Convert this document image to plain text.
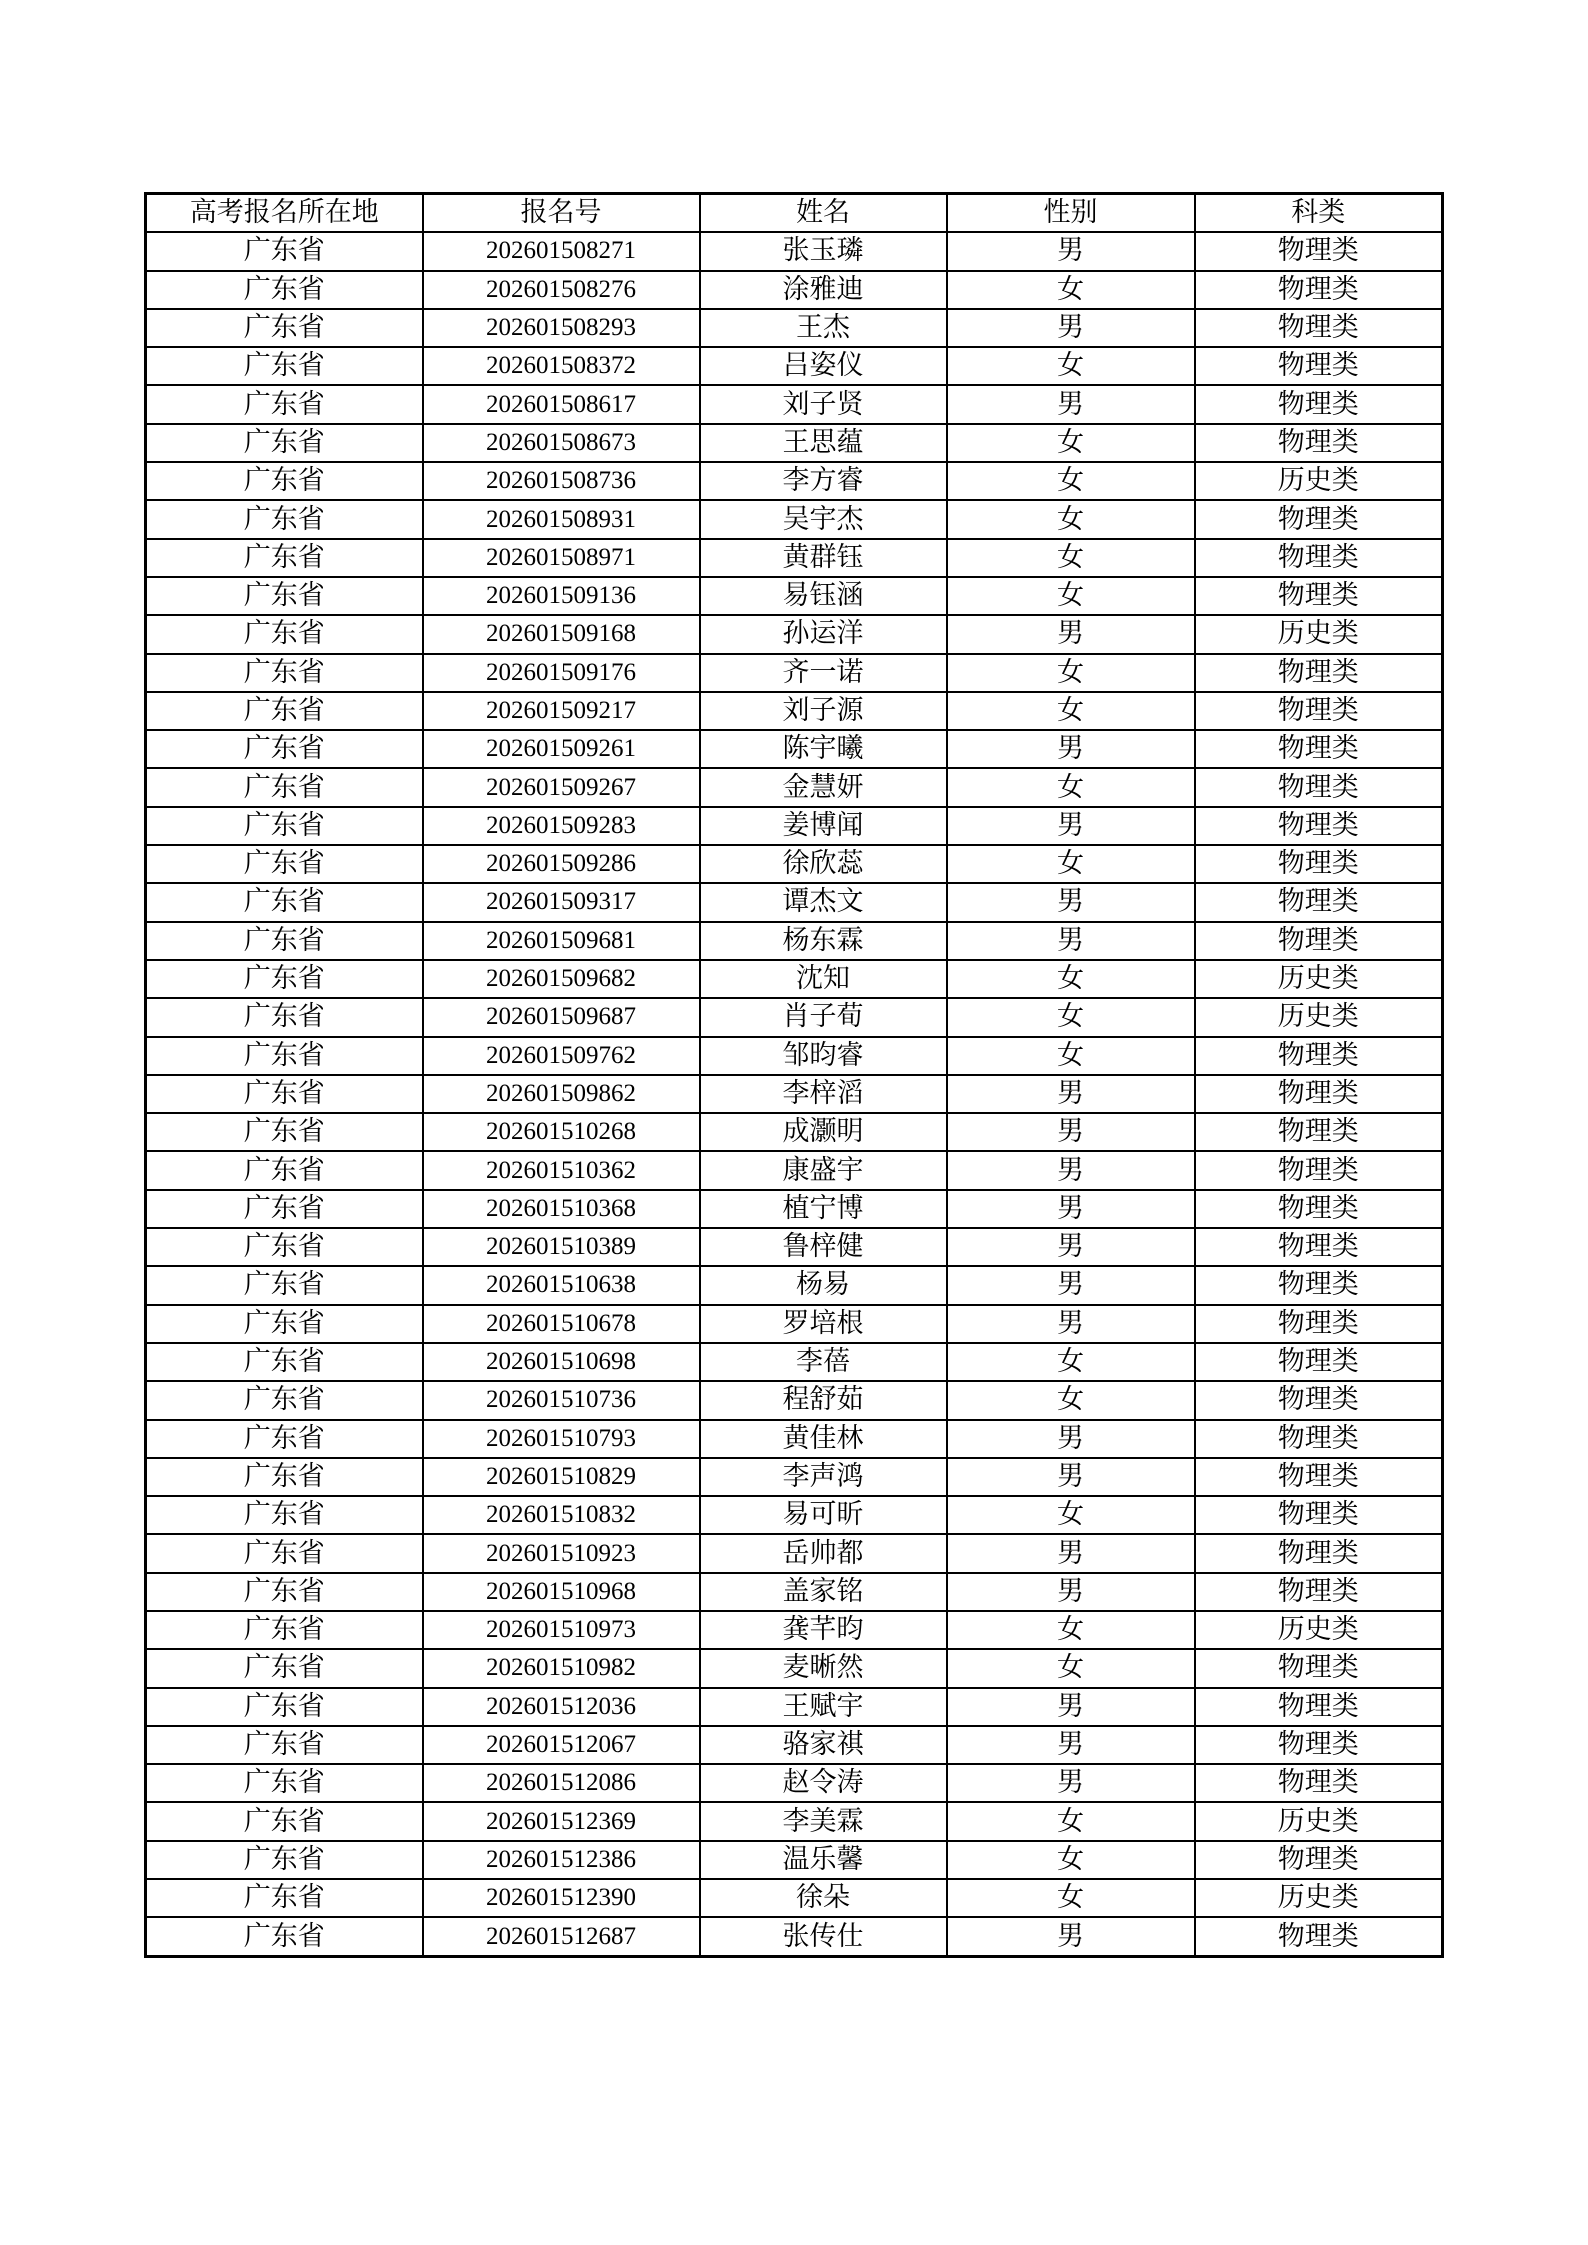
高考报名所在地	报名号	姓名	性别	科类
广东省	202601508271	张玉璘	男	物理类
广东省	202601508276	涂雅迪	女	物理类
广东省	202601508293	王杰	男	物理类
广东省	202601508372	吕姿仪	女	物理类
广东省	202601508617	刘子贤	男	物理类
广东省	202601508673	王思蕴	女	物理类
广东省	202601508736	李方睿	女	历史类
广东省	202601508931	吴宇杰	女	物理类
广东省	202601508971	黄群钰	女	物理类
广东省	202601509136	易钰涵	女	物理类
广东省	202601509168	孙运洋	男	历史类
广东省	202601509176	齐一诺	女	物理类
广东省	202601509217	刘子源	女	物理类
广东省	202601509261	陈宇曦	男	物理类
广东省	202601509267	金慧妍	女	物理类
广东省	202601509283	姜博闻	男	物理类
广东省	202601509286	徐欣蕊	女	物理类
广东省	202601509317	谭杰文	男	物理类
广东省	202601509681	杨东霖	男	物理类
广东省	202601509682	沈知	女	历史类
广东省	202601509687	肖子荀	女	历史类
广东省	202601509762	邹昀睿	女	物理类
广东省	202601509862	李梓滔	男	物理类
广东省	202601510268	成灏明	男	物理类
广东省	202601510362	康盛宇	男	物理类
广东省	202601510368	植宁博	男	物理类
广东省	202601510389	鲁梓健	男	物理类
广东省	202601510638	杨易	男	物理类
广东省	202601510678	罗培根	男	物理类
广东省	202601510698	李蓓	女	物理类
广东省	202601510736	程舒茹	女	物理类
广东省	202601510793	黄佳林	男	物理类
广东省	202601510829	李声鸿	男	物理类
广东省	202601510832	易可昕	女	物理类
广东省	202601510923	岳帅都	男	物理类
广东省	202601510968	盖家铭	男	物理类
广东省	202601510973	龚芊昀	女	历史类
广东省	202601510982	麦晰然	女	物理类
广东省	202601512036	王赋宇	男	物理类
广东省	202601512067	骆家祺	男	物理类
广东省	202601512086	赵令涛	男	物理类
广东省	202601512369	李美霖	女	历史类
广东省	202601512386	温乐馨	女	物理类
广东省	202601512390	徐朵	女	历史类
广东省	202601512687	张传仕	男	物理类
